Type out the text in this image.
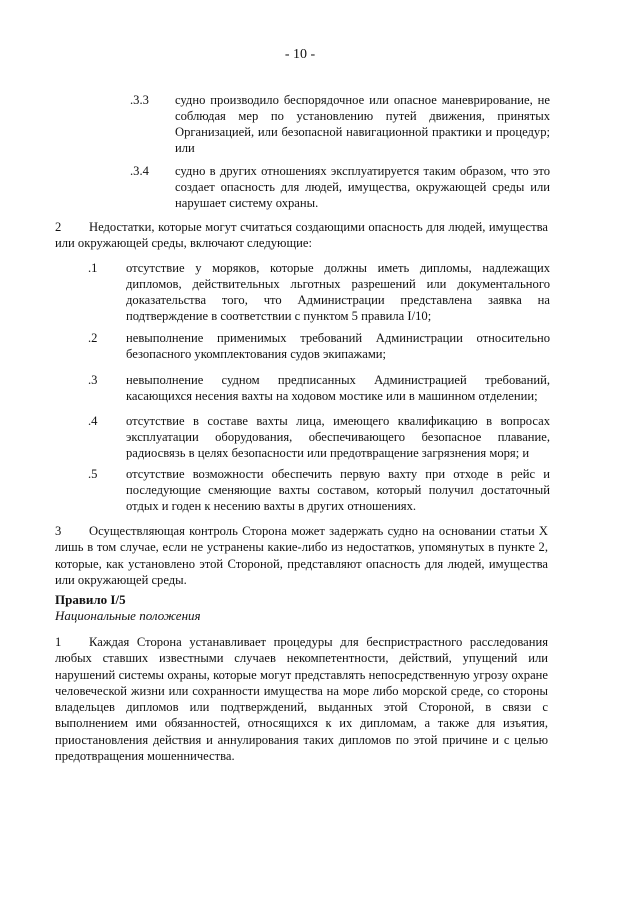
- 10 -
.3.3 судно производило беспорядочное или опасное маневрирование, не соблюдая мер по установлению путей движения, принятых Организацией, или безопасной навигационной практики и процедур; или
.3.4 судно в других отношениях эксплуатируется таким образом, что это создает опасность для людей, имущества, окружающей среды или нарушает систему охраны.
2 Недостатки, которые могут считаться создающими опасность для людей, имущества или окружающей среды, включают следующие:
.1 отсутствие у моряков, которые должны иметь дипломы, надлежащих дипломов, действительных льготных разрешений или документального доказательства того, что Администрации представлена заявка на подтверждение в соответствии с пунктом 5 правила I/10;
.2 невыполнение применимых требований Администрации относительно безопасного укомплектования судов экипажами;
.3 невыполнение судном предписанных Администрацией требований, касающихся несения вахты на ходовом мостике или в машинном отделении;
.4 отсутствие в составе вахты лица, имеющего квалификацию в вопросах эксплуатации оборудования, обеспечивающего безопасное плавание, радиосвязь в целях безопасности или предотвращение загрязнения моря; и
.5 отсутствие возможности обеспечить первую вахту при отходе в рейс и последующие сменяющие вахты составом, который получил достаточный отдых и годен к несению вахты в других отношениях.
3 Осуществляющая контроль Сторона может задержать судно на основании статьи X лишь в том случае, если не устранены какие-либо из недостатков, упомянутых в пункте 2, которые, как установлено этой Стороной, представляют опасность для людей, имущества или окружающей среды.
Правило I/5
Национальные положения
1 Каждая Сторона устанавливает процедуры для беспристрастного расследования любых ставших известными случаев некомпетентности, действий, упущений или нарушений системы охраны, которые могут представлять непосредственную угрозу охране человеческой жизни или сохранности имущества на море либо морской среде, со стороны владельцев дипломов или подтверждений, выданных этой Стороной, в связи с выполнением ими обязанностей, относящихся к их дипломам, а также для изъятия, приостановления действия и аннулирования таких дипломов по этой причине и с целью предотвращения мошенничества.
